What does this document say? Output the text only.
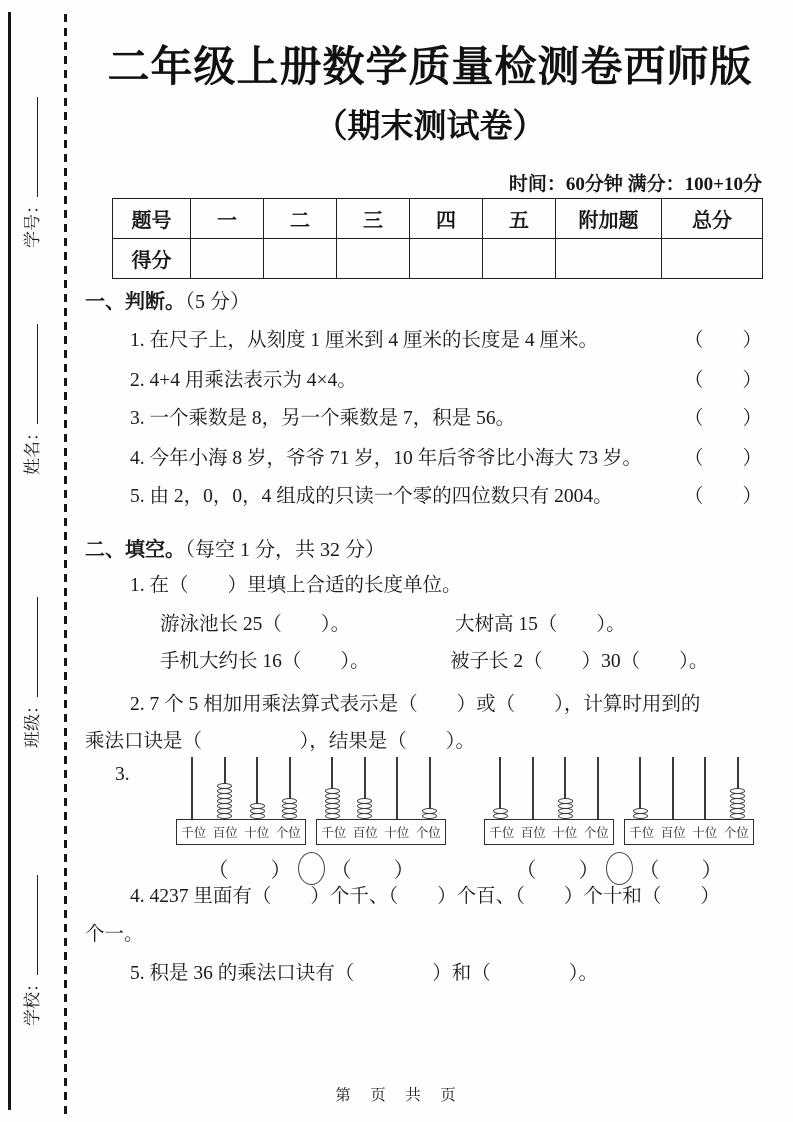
学号：
姓名：
班级：
学校：
二年级上册数学质量检测卷西师版
（期末测试卷）
时间：60分钟 满分：100+10分
题号	一	二	三	四	五	附加题	总分
得分							
一、判断。（5 分）
1. 在尺子上，从刻度 1 厘米到 4 厘米的长度是 4 厘米。	（　　）
2. 4+4 用乘法表示为 4×4。	（　　）
3. 一个乘数是 8，另一个乘数是 7，积是 56。	（　　）
4. 今年小海 8 岁，爷爷 71 岁，10 年后爷爷比小海大 73 岁。 （　　）
5. 由 2，0，0，4 组成的只读一个零的四位数只有 2004。	（　　）
二、填空。（每空 1 分，共 32 分）
1. 在（　　）里填上合适的长度单位。
游泳池长 25（　　）。	大树高 15（　　）。
手机大约长 16（　　）。	被子长 2（　　）30（　　）。
2. 7 个 5 相加用乘法算式表示是（　　）或（　　），计算时用到的
乘法口诀是（　　　　　），结果是（　　）。
3.
千位 百位 十位 个位 千位 百位 十位 个位
（　　） （　　）
千位 百位 十位 个位 千位 百位 十位 个位
（　　） （　　）
4. 4237 里面有（　　）个千、（　　）个百、（　　）个十和（　　）
个一。
5. 积是 36 的乘法口诀有（　　　　）和（　　　　）。
第　页　共　页
